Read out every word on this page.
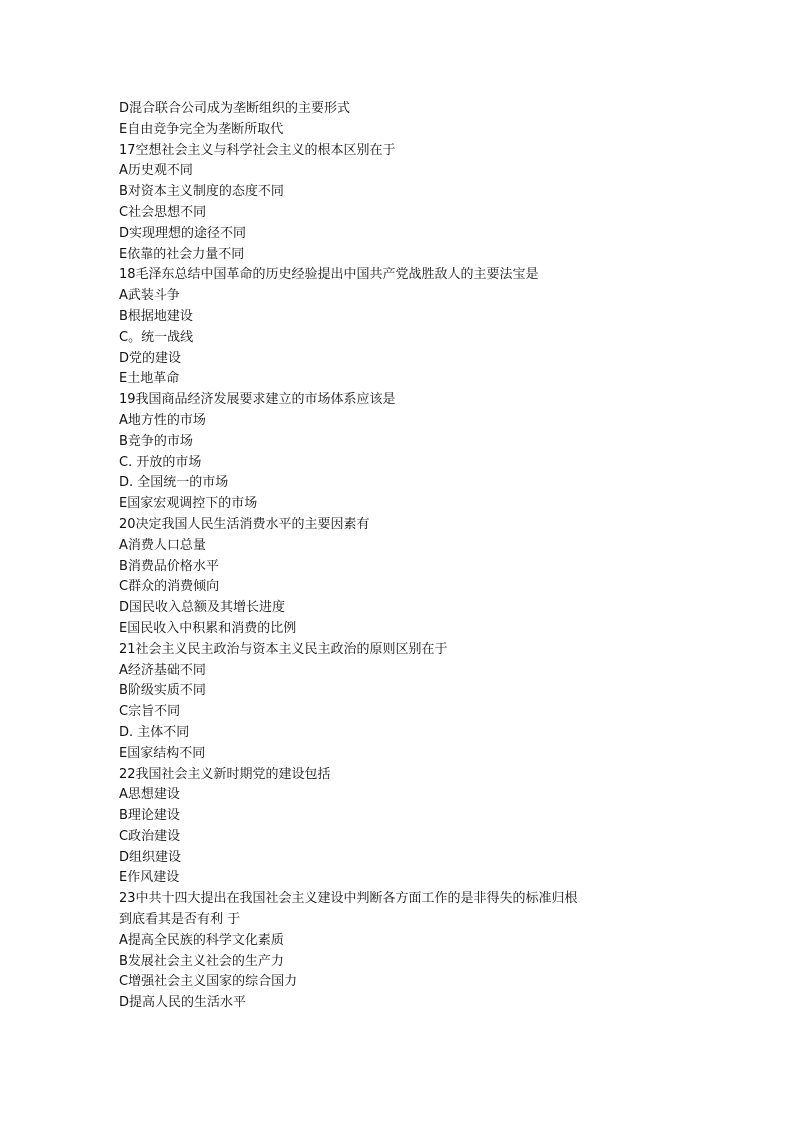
D混合联合公司成为垄断组织的主要形式
E自由竞争完全为垄断所取代
17空想社会主义与科学社会主义的根本区别在于
A历史观不同
B对资本主义制度的态度不同
C社会思想不同
D实现理想的途径不同
E依靠的社会力量不同
18毛泽东总结中国革命的历史经验提出中国共产党战胜敌人的主要法宝是
A武装斗争
B根据地建设
C。统一战线
D党的建设
E土地革命
19我国商品经济发展要求建立的市场体系应该是
A地方性的市场
B竞争的市场
C. 开放的市场
D. 全国统一的市场
E国家宏观调控下的市场
20决定我国人民生活消费水平的主要因素有
A消费人口总量
B消费品价格水平
C群众的消费倾向
D国民收入总额及其增长进度
E国民收入中积累和消费的比例
21社会主义民主政治与资本主义民主政治的原则区别在于
A经济基础不同
B阶级实质不同
C宗旨不同
D. 主体不同
E国家结构不同
22我国社会主义新时期党的建设包括
A思想建设
B理论建设
C政治建设
D组织建设
E作风建设
23中共十四大提出在我国社会主义建设中判断各方面工作的是非得失的标准归根
到底看其是否有利 于
A提高全民族的科学文化素质
B发展社会主义社会的生产力
C增强社会主义国家的综合国力
D提高人民的生活水平
